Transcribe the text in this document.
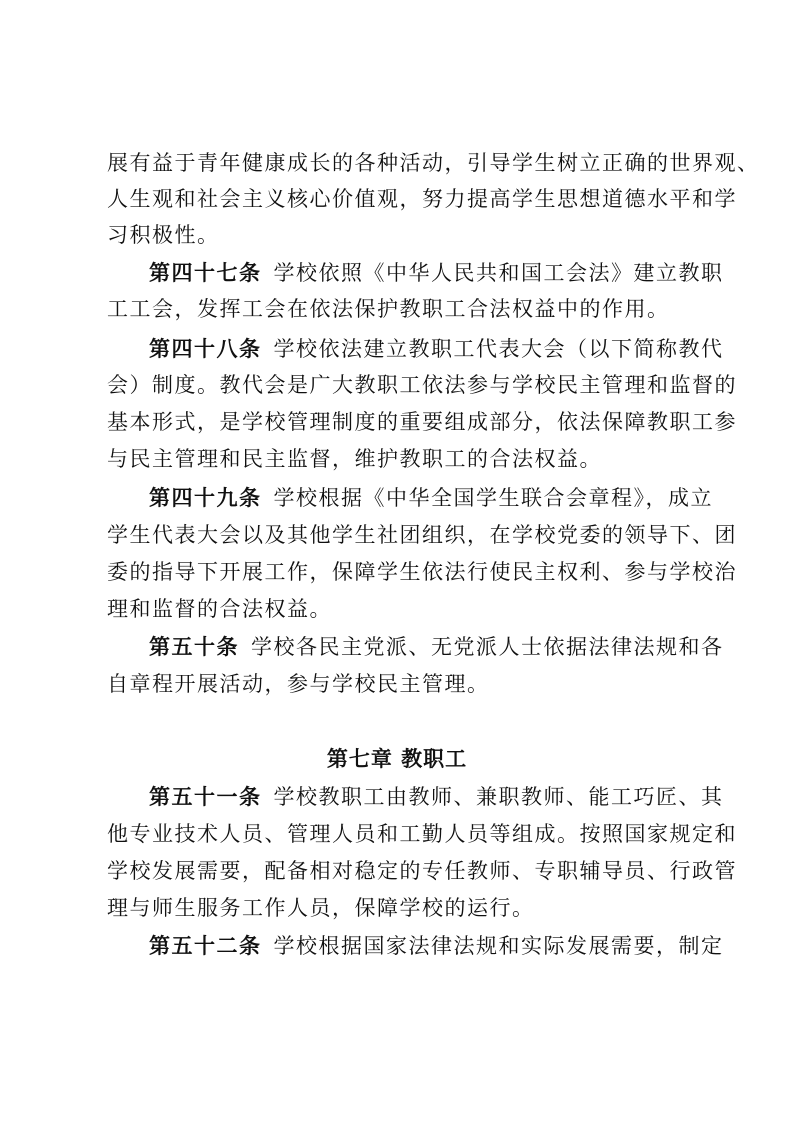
展有益于青年健康成长的各种活动，引导学生树立正确的世界观、
人生观和社会主义核心价值观，努力提高学生思想道德水平和学
习积极性。
第四十七条 学校依照《中华人民共和国工会法》建立教职
工工会，发挥工会在依法保护教职工合法权益中的作用。
第四十八条 学校依法建立教职工代表大会（以下简称教代
会）制度。教代会是广大教职工依法参与学校民主管理和监督的
基本形式，是学校管理制度的重要组成部分，依法保障教职工参
与民主管理和民主监督，维护教职工的合法权益。
第四十九条 学校根据《中华全国学生联合会章程》，成立
学生代表大会以及其他学生社团组织，在学校党委的领导下、团
委的指导下开展工作，保障学生依法行使民主权利、参与学校治
理和监督的合法权益。
第五十条 学校各民主党派、无党派人士依据法律法规和各
自章程开展活动，参与学校民主管理。
第七章 教职工
第五十一条 学校教职工由教师、兼职教师、能工巧匠、其
他专业技术人员、管理人员和工勤人员等组成。按照国家规定和
学校发展需要，配备相对稳定的专任教师、专职辅导员、行政管
理与师生服务工作人员，保障学校的运行。
第五十二条 学校根据国家法律法规和实际发展需要，制定
